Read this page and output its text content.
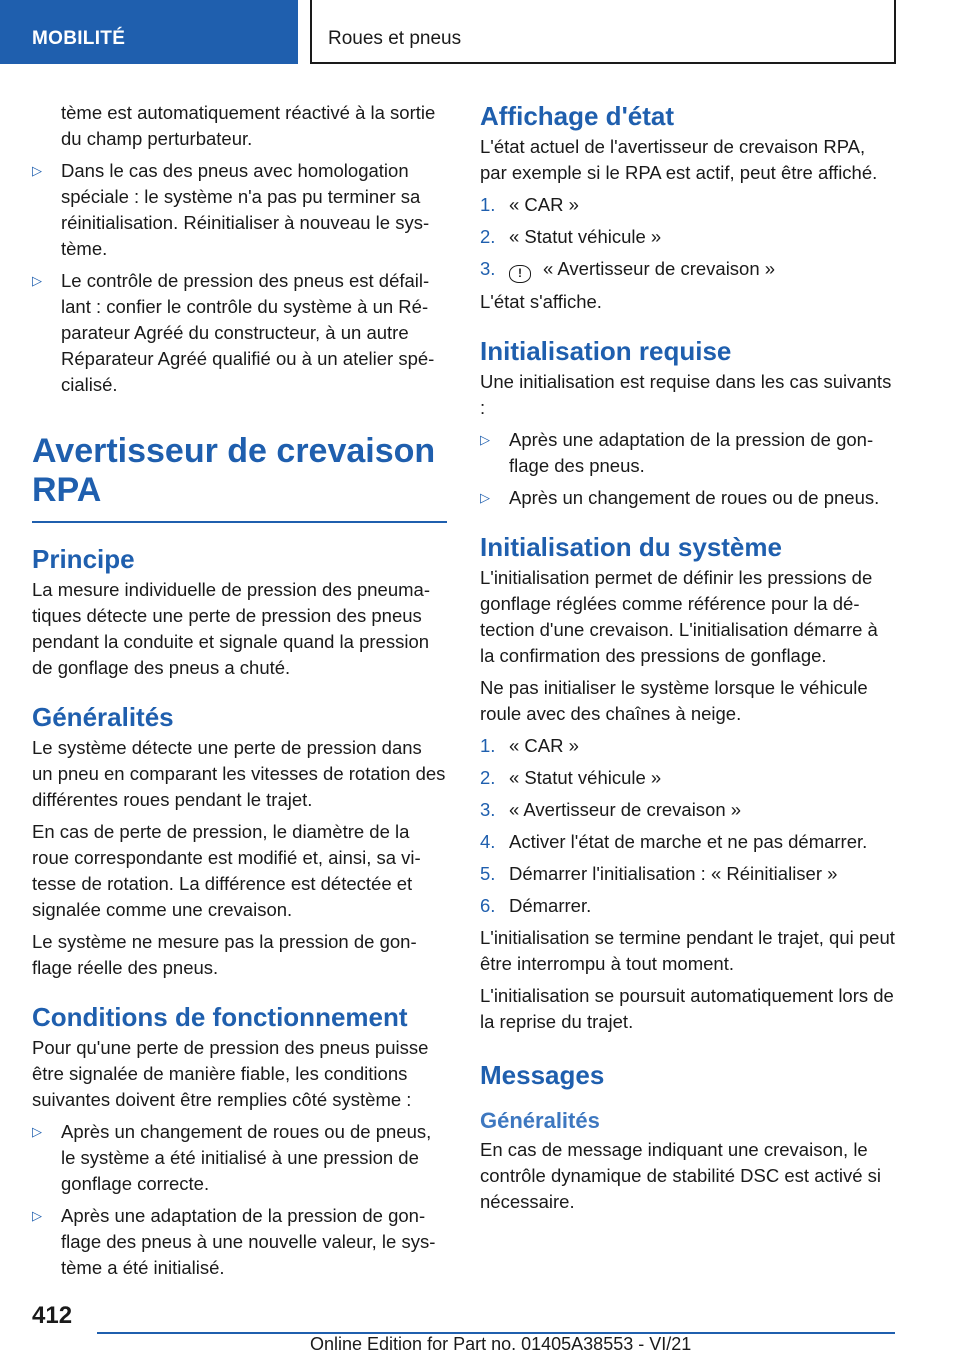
MOBILITÉ	Roues et pneus

tème est automatiquement réactivé à la sortie du champ perturbateur.

▷ Dans le cas des pneus avec homologation spéciale : le système n'a pas pu terminer sa réinitialisation. Réinitialiser à nouveau le système.
▷ Le contrôle de pression des pneus est défaillant : confier le contrôle du système à un Réparateur Agréé du constructeur, à un autre Réparateur Agréé qualifié ou à un atelier spécialisé.
Avertisseur de crevaison RPA
Principe

La mesure individuelle de pression des pneumatiques détecte une perte de pression des pneus pendant la conduite et signale quand la pression de gonflage des pneus a chuté.

Généralités

Le système détecte une perte de pression dans un pneu en comparant les vitesses de rotation des différentes roues pendant le trajet.

En cas de perte de pression, le diamètre de la roue correspondante est modifié et, ainsi, sa vitesse de rotation. La différence est détectée et signalée comme une crevaison.

Le système ne mesure pas la pression de gonflage réelle des pneus.

Conditions de fonctionnement

Pour qu'une perte de pression des pneus puisse être signalée de manière fiable, les conditions suivantes doivent être remplies côté système :

▷ Après un changement de roues ou de pneus, le système a été initialisé à une pression de gonflage correcte.
▷ Après une adaptation de la pression de gonflage des pneus à une nouvelle valeur, le système a été initialisé.
Affichage d'état

L'état actuel de l'avertisseur de crevaison RPA, par exemple si le RPA est actif, peut être affiché.

1. « CAR »
2. « Statut véhicule »
3. ! « Avertisseur de crevaison »

L'état s'affiche.

Initialisation requise

Une initialisation est requise dans les cas suivants :

▷ Après une adaptation de la pression de gonflage des pneus.
▷ Après un changement de roues ou de pneus.
Initialisation du système

L'initialisation permet de définir les pressions de gonflage réglées comme référence pour la détection d'une crevaison. L'initialisation démarre à la confirmation des pressions de gonflage.

Ne pas initialiser le système lorsque le véhicule roule avec des chaînes à neige.

1. « CAR »
2. « Statut véhicule »
3. « Avertisseur de crevaison »
4. Activer l'état de marche et ne pas démarrer.
5. Démarrer l'initialisation : « Réinitialiser »
6. Démarrer.

L'initialisation se termine pendant le trajet, qui peut être interrompu à tout moment.

L'initialisation se poursuit automatiquement lors de la reprise du trajet.

Messages
Généralités

En cas de message indiquant une crevaison, le contrôle dynamique de stabilité DSC est activé si nécessaire.

412
Online Edition for Part no. 01405A38553 - VI/21
